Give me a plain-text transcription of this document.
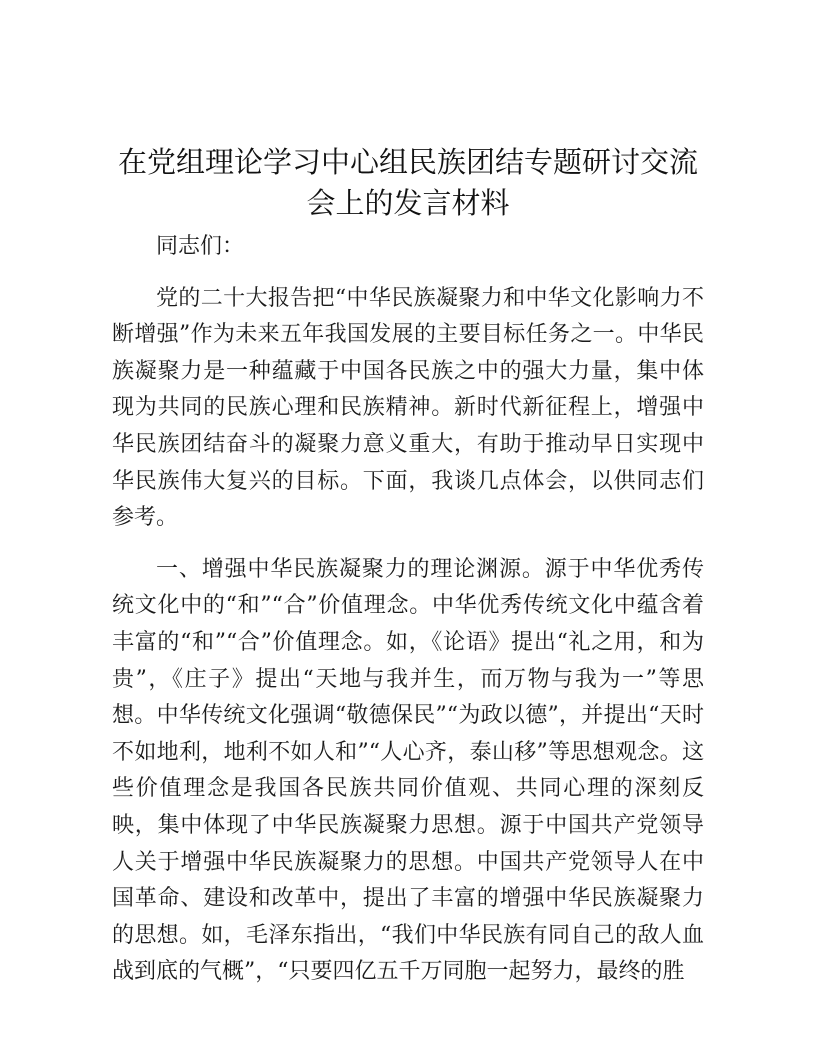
在党组理论学习中心组民族团结专题研讨交流会上的发言材料

同志们：

党的二十大报告把“中华民族凝聚力和中华文化影响力不断增强”作为未来五年我国发展的主要目标任务之一。中华民族凝聚力是一种蕴藏于中国各民族之中的强大力量，集中体现为共同的民族心理和民族精神。新时代新征程上，增强中华民族团结奋斗的凝聚力意义重大，有助于推动早日实现中华民族伟大复兴的目标。下面，我谈几点体会，以供同志们参考。

一、增强中华民族凝聚力的理论渊源。源于中华优秀传统文化中的“和”“合”价值理念。中华优秀传统文化中蕴含着丰富的“和”“合”价值理念。如，《论语》提出“礼之用，和为贵”，《庄子》提出“天地与我并生，而万物与我为一”等思想。中华传统文化强调“敬德保民”“为政以德”，并提出“天时不如地利，地利不如人和”“人心齐，泰山移”等思想观念。这些价值理念是我国各民族共同价值观、共同心理的深刻反映，集中体现了中华民族凝聚力思想。源于中国共产党领导人关于增强中华民族凝聚力的思想。中国共产党领导人在中国革命、建设和改革中，提出了丰富的增强中华民族凝聚力的思想。如，毛泽东指出，“我们中华民族有同自己的敌人血战到底的气概”，“只要四亿五千万同胞一起努力，最终的胜
